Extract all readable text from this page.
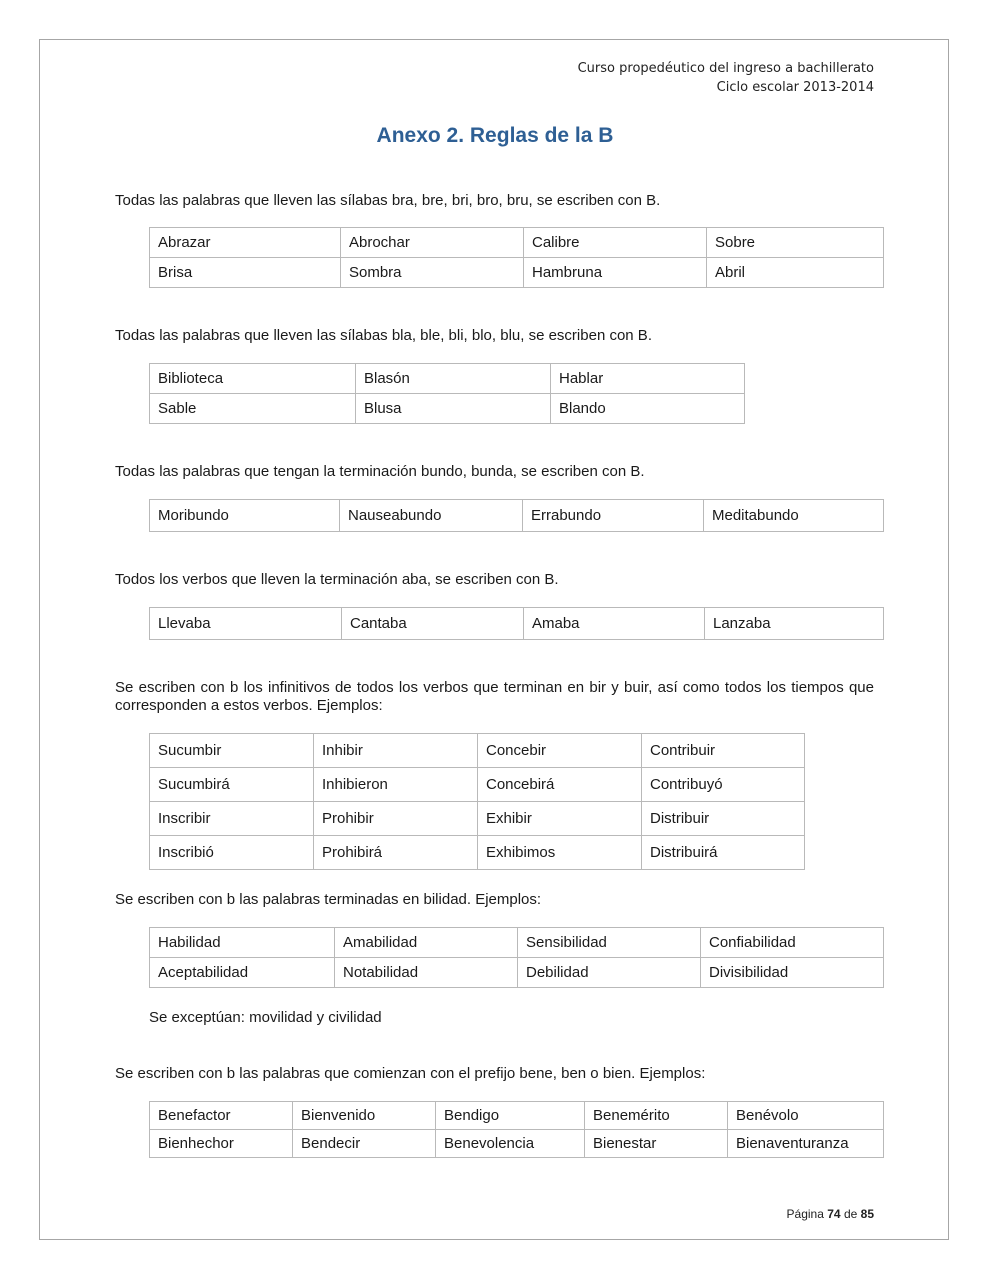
Curso propedéutico del ingreso a bachillerato
Ciclo escolar 2013-2014
Anexo 2. Reglas de la B

Todas las palabras que lleven las sílabas bra, bre, bri, bro, bru, se escriben con B.

Abrazar	Abrochar	Calibre	Sobre
Brisa	Sombra	Hambruna	Abril

Todas las palabras que lleven las sílabas bla, ble, bli, blo, blu, se escriben con B.

Biblioteca	Blasón	Hablar
Sable	Blusa	Blando

Todas las palabras que tengan la terminación bundo, bunda, se escriben con B.

Moribundo	Nauseabundo	Errabundo	Meditabundo

Todos los verbos que lleven la terminación aba, se escriben con B.

Llevaba	Cantaba	Amaba	Lanzaba

Se escriben con b los infinitivos de todos los verbos que terminan en bir y buir, así como todos los tiempos que corresponden a estos verbos. Ejemplos:

Sucumbir	Inhibir	Concebir	Contribuir
Sucumbirá	Inhibieron	Concebirá	Contribuyó
Inscribir	Prohibir	Exhibir	Distribuir
Inscribió	Prohibirá	Exhibimos	Distribuirá

Se escriben con b las palabras terminadas en bilidad. Ejemplos:

Habilidad	Amabilidad	Sensibilidad	Confiabilidad
Aceptabilidad	Notabilidad	Debilidad	Divisibilidad

Se exceptúan: movilidad y civilidad

Se escriben con b las palabras que comienzan con el prefijo bene, ben o bien. Ejemplos:

Benefactor	Bienvenido	Bendigo	Benemérito	Benévolo
Bienhechor	Bendecir	Benevolencia	Bienestar	Bienaventuranza
Página 74 de 85
